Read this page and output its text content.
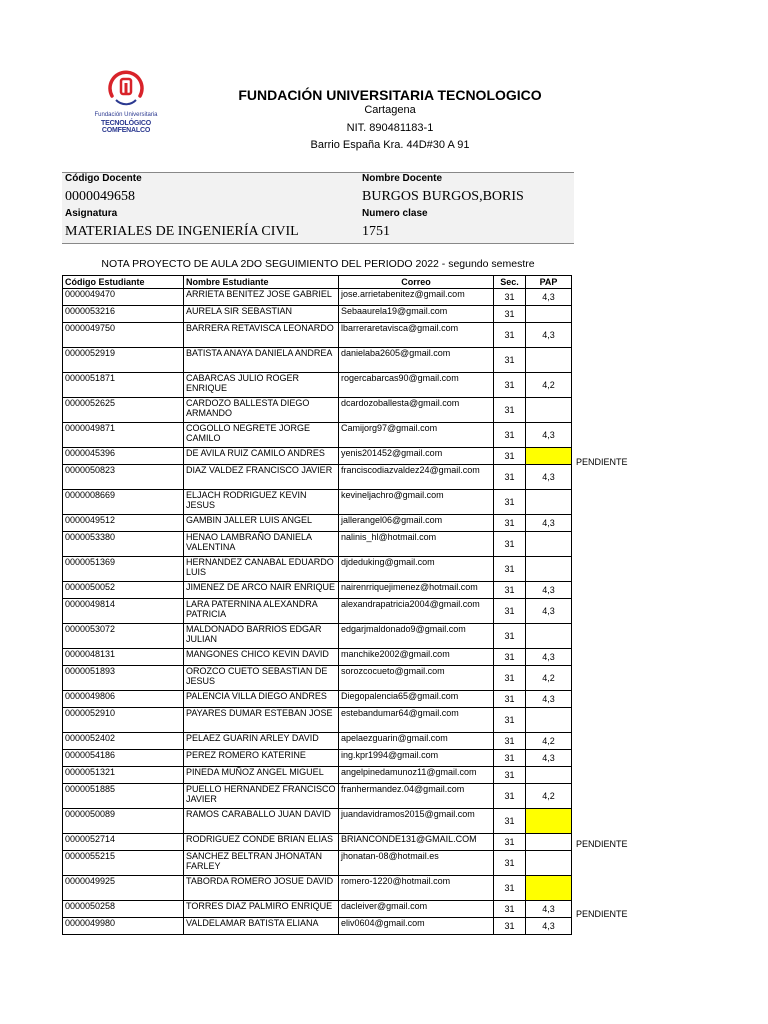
Fundación Universitaria
TECNOLÓGICO COMFENALCO
FUNDACIÓN UNIVERSITARIA TECNOLOGICO
Cartagena
NIT. 890481183-1
Barrio España Kra. 44D#30 A 91
Código Docente
0000049658
Nombre Docente
BURGOS BURGOS,BORIS
Asignatura
MATERIALES DE INGENIERÍA CIVIL
Numero clase
1751
NOTA PROYECTO DE AULA 2DO SEGUIMIENTO DEL PERIODO 2022 - segundo semestre
Código Estudiante	Nombre Estudiante	Correo	Sec.	PAP
0000049470	ARRIETA BENITEZ JOSE GABRIEL	jose.arrietabenitez@gmail.com	31	4,3
0000053216	AURELA SIR SEBASTIAN	Sebaaurela19@gmail.com	31	
0000049750	BARRERA RETAVISCA LEONARDO	lbarreraretavisca@gmail.com	31	4,3
0000052919	BATISTA ANAYA DANIELA ANDREA	danielaba2605@gmail.com	31	
0000051871	CABARCAS JULIO ROGER ENRIQUE	rogercabarcas90@gmail.com	31	4,2
0000052625	CARDOZO BALLESTA DIEGO ARMANDO	dcardozoballesta@gmail.com	31	
0000049871	COGOLLO NEGRETE JORGE CAMILO	Camijorg97@gmail.com	31	4,3
0000045396	DE AVILA RUIZ CAMILO ANDRES	yenis201452@gmail.com	31	
0000050823	DIAZ VALDEZ FRANCISCO JAVIER	franciscodiazvaldez24@gmail.com	31	4,3
0000008669	ELJACH RODRIGUEZ KEVIN JESUS	kevineljachro@gmail.com	31	
0000049512	GAMBIN JALLER LUIS ANGEL	jallerangel06@gmail.com	31	4,3
0000053380	HENAO LAMBRAÑO DANIELA VALENTINA	nalinis_hl@hotmail.com	31	
0000051369	HERNANDEZ CANABAL EDUARDO LUIS	djdeduking@gmail.com	31	
0000050052	JIMENEZ DE ARCO NAIR ENRIQUE	nairenrriquejimenez@hotmail.com	31	4,3
0000049814	LARA PATERNINA ALEXANDRA PATRICIA	alexandrapatricia2004@gmail.com	31	4,3
0000053072	MALDONADO BARRIOS EDGAR JULIAN	edgarjmaldonado9@gmail.com	31	
0000048131	MANGONES CHICO KEVIN DAVID	manchike2002@gmail.com	31	4,3
0000051893	OROZCO CUETO SEBASTIAN DE JESUS	sorozcocueto@gmail.com	31	4,2
0000049806	PALENCIA VILLA DIEGO ANDRES	Diegopalencia65@gmail.com	31	4,3
0000052910	PAYARES DUMAR ESTEBAN JOSE	estebandumar64@gmail.com	31	
0000052402	PELAEZ GUARIN ARLEY DAVID	apelaezguarin@gmail.com	31	4,2
0000054186	PEREZ ROMERO KATERINE	ing.kpr1994@gmail.com	31	4,3
0000051321	PINEDA MUÑOZ ANGEL MIGUEL	angelpinedamunoz11@gmail.com	31	
0000051885	PUELLO HERNANDEZ FRANCISCO JAVIER	franhermandez.04@gmail.com	31	4,2
0000050089	RAMOS CARABALLO JUAN DAVID	juandavidramos2015@gmail.com	31	
0000052714	RODRIGUEZ CONDE BRIAN ELIAS	BRIANCONDE131@GMAIL.COM	31	
0000055215	SANCHEZ BELTRAN JHONATAN FARLEY	jhonatan-08@hotmail.es	31	
0000049925	TABORDA ROMERO JOSUE DAVID	romero-1220@hotmail.com	31	
0000050258	TORRES DIAZ PALMIRO ENRIQUE	dacleiver@gmail.com	31	4,3
0000049980	VALDELAMAR BATISTA ELIANA	eliv0604@gmail.com	31	4,3
PENDIENTE
PENDIENTE
PENDIENTE
